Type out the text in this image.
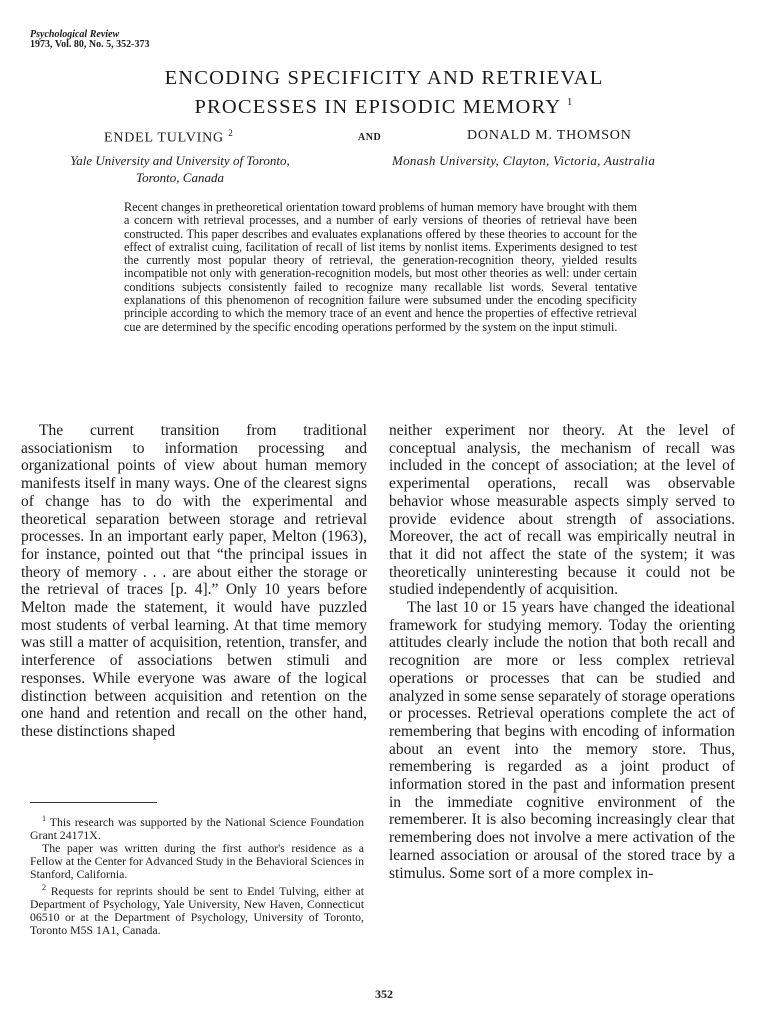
Psychological Review
1973, Vol. 80, No. 5, 352-373
ENCODING SPECIFICITY AND RETRIEVAL
PROCESSES IN EPISODIC MEMORY $^1$
ENDEL TULVING $^2$	AND	DONALD M. THOMSON
Yale University and University of Toronto,
Toronto, Canada
Monash University, Clayton, Victoria, Australia
Recent changes in pretheoretical orientation toward problems of human memory have brought with them a concern with retrieval processes, and a number of early versions of theories of retrieval have been constructed. This paper describes and evaluates explanations offered by these theories to account for the effect of extralist cuing, facilitation of recall of list items by nonlist items. Experiments designed to test the currently most popular theory of retrieval, the generation-recognition theory, yielded results incompatible not only with generation-recognition models, but most other theories as well: under certain conditions subjects consistently failed to recognize many recallable list words. Several tentative explanations of this phenomenon of recognition failure were subsumed under the encoding specificity principle according to which the memory trace of an event and hence the properties of effective retrieval cue are determined by the specific encoding operations performed by the system on the input stimuli.

The current transition from traditional associationism to information processing and organizational points of view about human memory manifests itself in many ways. One of the clearest signs of change has to do with the experimental and theoretical separation between storage and retrieval processes. In an important early paper, Melton (1963), for instance, pointed out that “the principal issues in theory of memory . . . are about either the storage or the retrieval of traces [p. 4].” Only 10 years before Melton made the statement, it would have puzzled most students of verbal learning. At that time memory was still a matter of acquisition, retention, transfer, and interference of associations betwen stimuli and responses. While everyone was aware of the logical distinction between acquisition and retention on the one hand and retention and recall on the other hand, these distinctions shaped

neither experiment nor theory. At the level of conceptual analysis, the mechanism of recall was included in the concept of association; at the level of experimental operations, recall was observable behavior whose measurable aspects simply served to provide evidence about strength of associations. Moreover, the act of recall was empirically neutral in that it did not affect the state of the system; it was theoretically uninteresting because it could not be studied independently of acquisition.

The last 10 or 15 years have changed the ideational framework for studying memory. Today the orienting attitudes clearly include the notion that both recall and recognition are more or less complex retrieval operations or processes that can be studied and analyzed in some sense separately of storage operations or processes. Retrieval operations complete the act of remembering that begins with encoding of information about an event into the memory store. Thus, remembering is regarded as a joint product of information stored in the past and information present in the immediate cognitive environment of the rememberer. It is also becoming increasingly clear that remembering does not involve a mere activation of the learned association or arousal of the stored trace by a stimulus. Some sort of a more complex in-

$^1$ This research was supported by the National Science Foundation Grant 24171X.

The paper was written during the first author's residence as a Fellow at the Center for Advanced Study in the Behavioral Sciences in Stanford, California.

$^2$ Requests for reprints should be sent to Endel Tulving, either at Department of Psychology, Yale University, New Haven, Connecticut 06510 or at the Department of Psychology, University of Toronto, Toronto M5S 1A1, Canada.

352
